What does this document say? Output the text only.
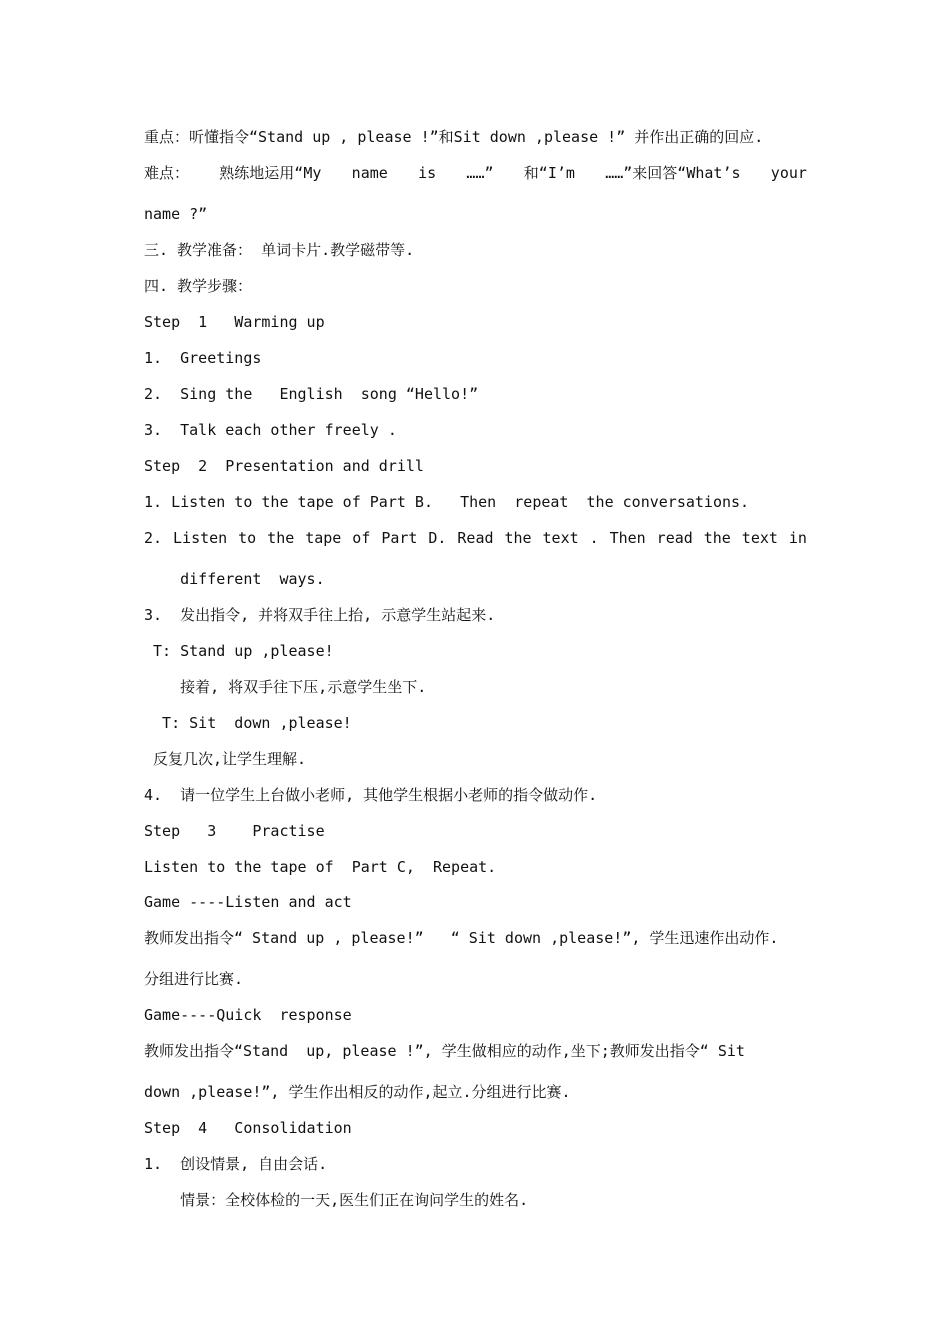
重点：听懂指令“Stand up , please !”和Sit down ,please !” 并作出正确的回应.
难点： 熟练地运用“My name is ……” 和“I’m ……”来回答“What’s your
name ?”
三. 教学准备： 单词卡片.教学磁带等.
四. 教学步骤：
Step  1   Warming up
1.  Greetings
2.  Sing the   English  song “Hello!”
3.  Talk each other freely .
Step  2  Presentation and drill
1. Listen to the tape of Part B.   Then  repeat  the conversations.
2. Listen to the tape of Part D. Read the text . Then read the text in
different  ways.
3.  发出指令, 并将双手往上抬, 示意学生站起来.
T: Stand up ,please!
接着, 将双手往下压,示意学生坐下.
T: Sit  down ,please!
反复几次,让学生理解.
4.  请一位学生上台做小老师, 其他学生根据小老师的指令做动作.
Step   3    Practise
Listen to the tape of  Part C,  Repeat.
Game ----Listen and act
教师发出指令“ Stand up , please!”   “ Sit down ,please!”, 学生迅速作出动作.
分组进行比赛.
Game----Quick  response
教师发出指令“Stand  up, please !”, 学生做相应的动作,坐下;教师发出指令“ Sit
down ,please!”, 学生作出相反的动作,起立.分组进行比赛.
Step  4   Consolidation
1.  创设情景, 自由会话.
情景：全校体检的一天,医生们正在询问学生的姓名.
